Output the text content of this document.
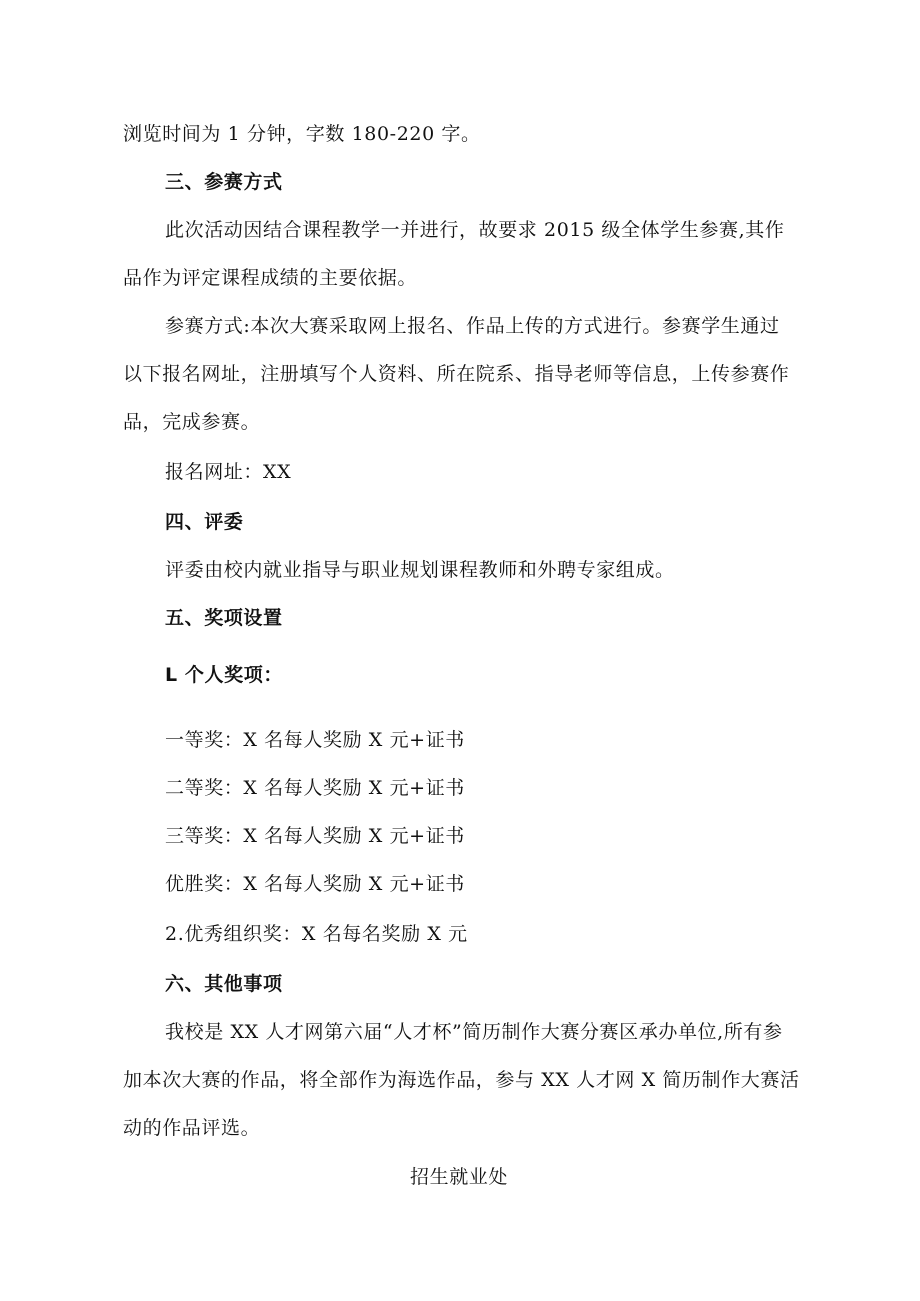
浏览时间为 1 分钟，字数 180-220 字。
三、参赛方式
此次活动因结合课程教学一并进行，故要求 2015 级全体学生参赛,其作
品作为评定课程成绩的主要依据。
参赛方式:本次大赛采取网上报名、作品上传的方式进行。参赛学生通过
以下报名网址，注册填写个人资料、所在院系、指导老师等信息，上传参赛作
品，完成参赛。
报名网址：XX
四、评委
评委由校内就业指导与职业规划课程教师和外聘专家组成。
五、奖项设置
L 个人奖项：
一等奖：X 名每人奖励 X 元+证书
二等奖：X 名每人奖励 X 元+证书
三等奖：X 名每人奖励 X 元+证书
优胜奖：X 名每人奖励 X 元+证书
2.优秀组织奖：X 名每名奖励 X 元
六、其他事项
我校是 XX 人才网第六届“人才杯”简历制作大赛分赛区承办单位,所有参
加本次大赛的作品，将全部作为海选作品，参与 XX 人才网 X 简历制作大赛活
动的作品评选。
招生就业处
